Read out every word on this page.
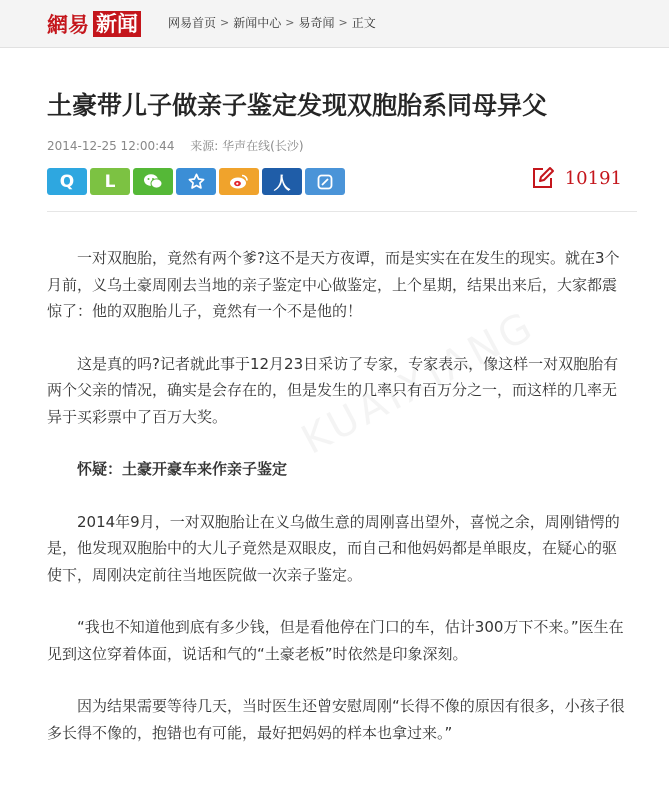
網易 新闻	网易首页 > 新闻中心 > 易奇闻 > 正文
土豪带儿子做亲子鉴定发现双胞胎系同母异父
2014-12-25 12:00:44 来源: 华声在线(长沙)
Q L	人	10191

一对双胞胎，竟然有两个爹?这不是天方夜谭，而是实实在在发生的现实。就在3个月前，义乌土豪周刚去当地的亲子鉴定中心做鉴定，上个星期，结果出来后，大家都震惊了：他的双胞胎儿子，竟然有一个不是他的！

这是真的吗?记者就此事于12月23日采访了专家，专家表示，像这样一对双胞胎有两个父亲的情况，确实是会存在的，但是发生的几率只有百万分之一，而这样的几率无异于买彩票中了百万大奖。

怀疑：土豪开豪车来作亲子鉴定

2014年9月，一对双胞胎让在义乌做生意的周刚喜出望外，喜悦之余，周刚错愕的是，他发现双胞胎中的大儿子竟然是双眼皮，而自己和他妈妈都是单眼皮，在疑心的驱使下，周刚决定前往当地医院做一次亲子鉴定。

“我也不知道他到底有多少钱，但是看他停在门口的车，估计300万下不来。”医生在见到这位穿着体面，说话和气的“土豪老板”时依然是印象深刻。

因为结果需要等待几天，当时医生还曾安慰周刚“长得不像的原因有很多，小孩子很多长得不像的，抱错也有可能，最好把妈妈的样本也拿过来。”
